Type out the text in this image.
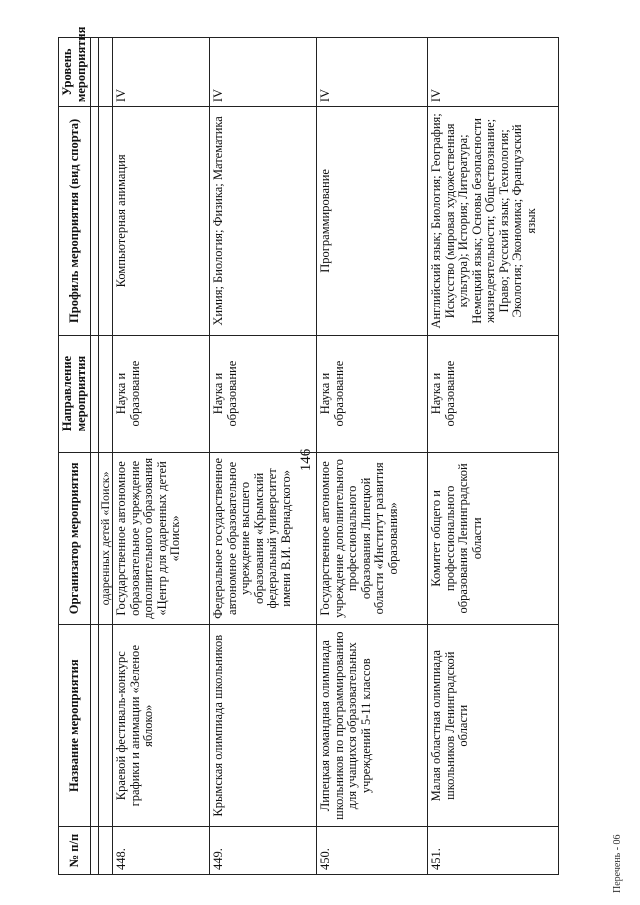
146
№ п/п	Название мероприятия	Организатор мероприятия	Направление мероприятия	Профиль мероприятия (вид спорта)	Уровень мероприятия

		одаренных детей «Поиск»			
448.	Краевой фестиваль-конкурс графики и анимации «Зеленое яблоко»	Государственное автономное образовательное учреждение дополнительного образования «Центр для одаренных детей «Поиск»	Наука и образование	Компьютерная анимация	IV
449.	Крымская олимпиада школьников	Федеральное государственное автономное образовательное учреждение высшего образования «Крымский федеральный университет имени В.И. Вернадского»	Наука и образование	Химия; Биология; Физика; Математика	IV
450.	Липецкая командная олимпиада школьников по программированию для учащихся образовательных учреждений 5-11 классов	Государственное автономное учреждение дополнительного профессионального образования Липецкой области «Институт развития образования»	Наука и образование	Программирование	IV
451.	Малая областная олимпиада школьников Ленинградской области	Комитет общего и профессионального образования Ленинградской области	Наука и образование	Английский язык; Биология; География; Искусство (мировая художественная культура); История; Литература; Немецкий язык; Основы безопасности жизнедеятельности; Обществознание; Право; Русский язык; Технология; Экология; Экономика; Французский язык	IV
Перечень - 06
